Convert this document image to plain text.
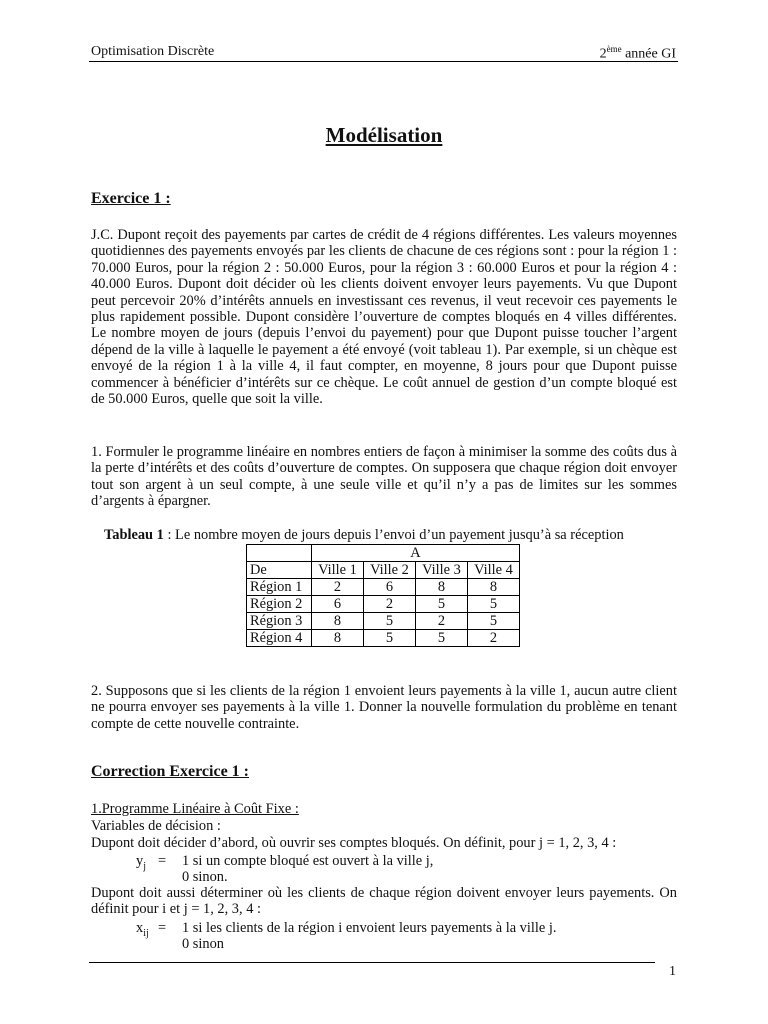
Optimisation Discrète	2ème année GI
Modélisation
Exercice 1 :

J.C. Dupont reçoit des payements par cartes de crédit de 4 régions différentes. Les valeurs moyennes quotidiennes des payements envoyés par les clients de chacune de ces régions sont : pour la région 1 : 70.000 Euros, pour la région 2 : 50.000 Euros, pour la région 3 : 60.000 Euros et pour la région 4 : 40.000 Euros. Dupont doit décider où les clients doivent envoyer leurs payements. Vu que Dupont peut percevoir 20% d’intérêts annuels en investissant ces revenus, il veut recevoir ces payements le plus rapidement possible. Dupont considère l’ouverture de comptes bloqués en 4 villes différentes. Le nombre moyen de jours (depuis l’envoi du payement) pour que Dupont puisse toucher l’argent dépend de la ville à laquelle le payement a été envoyé (voit tableau 1). Par exemple, si un chèque est envoyé de la région 1 à la ville 4, il faut compter, en moyenne, 8 jours pour que Dupont puisse commencer à bénéficier d’intérêts sur ce chèque. Le coût annuel de gestion d’un compte bloqué est de 50.000 Euros, quelle que soit la ville.

1. Formuler le programme linéaire en nombres entiers de façon à minimiser la somme des coûts dus à la perte d’intérêts et des coûts d’ouverture de comptes. On supposera que chaque région doit envoyer tout son argent à un seul compte, à une seule ville et qu’il n’y a pas de limites sur les sommes d’argents à épargner.

Tableau 1 : Le nombre moyen de jours depuis l’envoi d’un payement jusqu’à sa réception
	A			
De	Ville 1	Ville 2	Ville 3	Ville 4
Région 1	2	6	8	8
Région 2	6	2	5	5
Région 3	8	5	2	5
Région 4	8	5	5	2

2. Supposons que si les clients de la région 1 envoient leurs payements à la ville 1, aucun autre client ne pourra envoyer ses payements à la ville 1. Donner la nouvelle formulation du problème en tenant compte de cette nouvelle contrainte.

Correction Exercice 1 :
1.Programme Linéaire à Coût Fixe :
Variables de décision :
Dupont doit décider d’abord, où ouvrir ses comptes bloqués. On définit, pour j = 1, 2, 3, 4 :
$y_j = 1$ si un compte bloqué est ouvert à la ville j,
0 sinon.

Dupont doit aussi déterminer où les clients de chaque région doivent envoyer leurs payements. On définit pour i et j = 1, 2, 3, 4 :

$x_{ij} = 1$ si les clients de la région i envoient leurs payements à la ville j.
0 sinon
1
